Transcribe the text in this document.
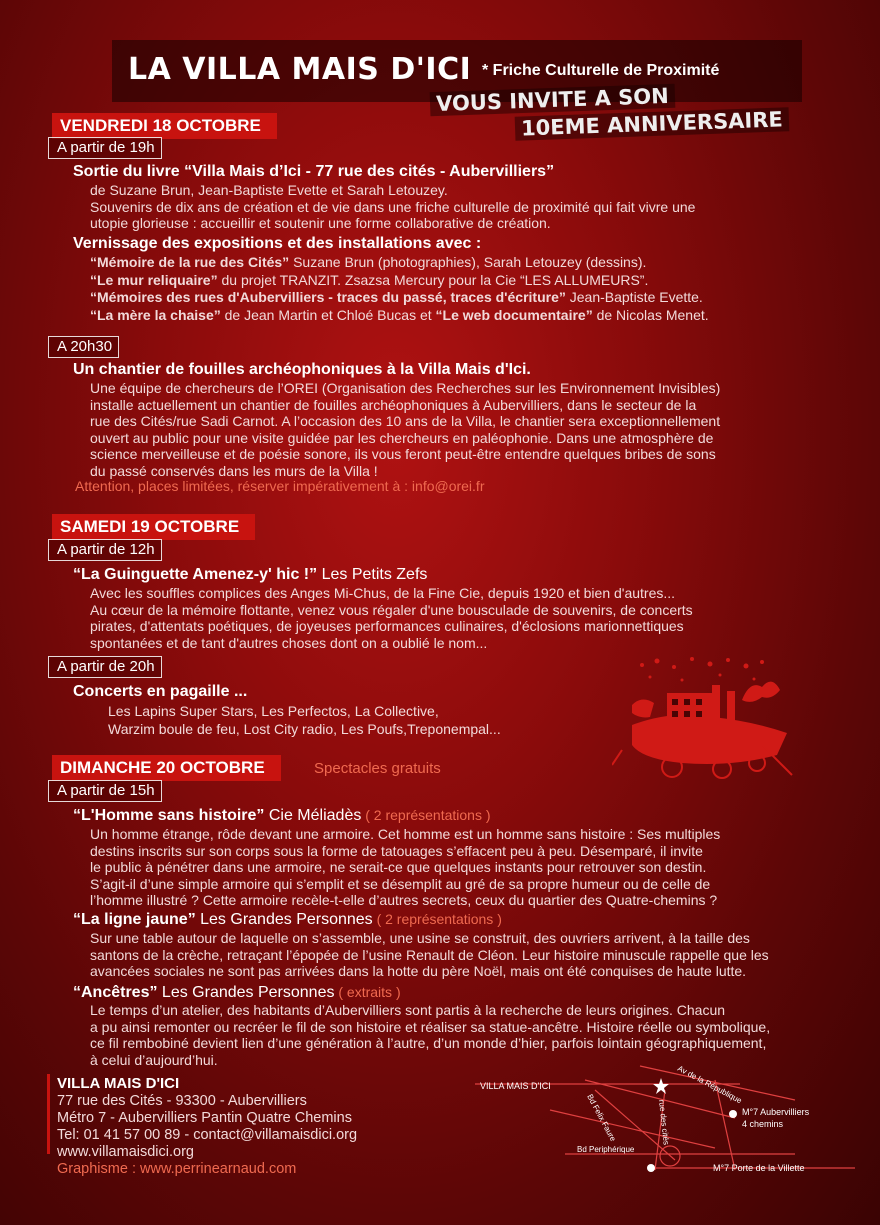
LA VILLA MAIS D'ICI * Friche Culturelle de Proximité
VOUS INVITE A SON
10EME ANNIVERSAIRE
VENDREDI 18 OCTOBRE
A partir de 19h
Sortie du livre “Villa Mais d’Ici - 77 rue des cités - Aubervilliers”
de Suzane Brun, Jean-Baptiste Evette et Sarah Letouzey.
Souvenirs de dix ans de création et de vie dans une friche culturelle de proximité qui fait vivre une
utopie glorieuse : accueillir et soutenir une forme collaborative de création.
Vernissage des expositions et des installations avec :
“Mémoire de la rue des Cités” Suzane Brun (photographies), Sarah Letouzey (dessins).
“Le mur reliquaire” du projet TRANZIT. Zsazsa Mercury pour la Cie “LES ALLUMEURS”.
“Mémoires des rues d'Aubervilliers - traces du passé, traces d'écriture” Jean-Baptiste Evette.
“La mère la chaise” de Jean Martin et Chloé Bucas et “Le web documentaire” de Nicolas Menet.
A 20h30
Un chantier de fouilles archéophoniques à la Villa Mais d'Ici.
Une équipe de chercheurs de l’OREI (Organisation des Recherches sur les Environnement Invisibles)
installe actuellement un chantier de fouilles archéophoniques à Aubervilliers, dans le secteur de la
rue des Cités/rue Sadi Carnot. A l’occasion des 10 ans de la Villa, le chantier sera exceptionnellement
ouvert au public pour une visite guidée par les chercheurs en paléophonie. Dans une atmosphère de
science merveilleuse et de poésie sonore, ils vous feront peut-être entendre quelques bribes de sons
du passé conservés dans les murs de la Villa !
Attention, places limitées, réserver impérativement à : info@orei.fr
SAMEDI 19 OCTOBRE
A partir de 12h
“La Guinguette Amenez-y' hic !” Les Petits Zefs
Avec les souffles complices des Anges Mi-Chus, de la Fine Cie, depuis 1920 et bien d'autres...
Au cœur de la mémoire flottante, venez vous régaler d'une bousculade de souvenirs, de concerts
pirates, d'attentats poétiques, de joyeuses performances culinaires, d'éclosions marionnettiques
spontanées et de tant d'autres choses dont on a oublié le nom...
A partir de 20h
Concerts en pagaille ...
Les Lapins Super Stars, Les Perfectos, La Collective,
Warzim boule de feu, Lost City radio, Les Poufs,Treponempal...
DIMANCHE 20 OCTOBRE	Spectacles gratuits
A partir de 15h
“L'Homme sans histoire” Cie Méliadès ( 2 représentations )
Un homme étrange, rôde devant une armoire. Cet homme est un homme sans histoire : Ses multiples
destins inscrits sur son corps sous la forme de tatouages s’effacent peu à peu. Désemparé, il invite
le public à pénétrer dans une armoire, ne serait-ce que quelques instants pour retrouver son destin.
S’agit-il d’une simple armoire qui s’emplit et se désemplit au gré de sa propre humeur ou de celle de
l’homme illustré ? Cette armoire recèle-t-elle d’autres secrets, ceux du quartier des Quatre-chemins ?
“La ligne jaune” Les Grandes Personnes ( 2 représentations )
Sur une table autour de laquelle on s’assemble, une usine se construit, des ouvriers arrivent, à la taille des
santons de la crèche, retraçant l’épopée de l’usine Renault de Cléon. Leur histoire minuscule rappelle que les
avancées sociales ne sont pas arrivées dans la hotte du père Noël, mais ont été conquises de haute lutte.
“Ancêtres” Les Grandes Personnes ( extraits )
Le temps d’un atelier, des habitants d’Aubervilliers sont partis à la recherche de leurs origines. Chacun
a pu ainsi remonter ou recréer le fil de son histoire et réaliser sa statue-ancêtre. Histoire réelle ou symbolique,
ce fil rembobiné devient lien d’une génération à l’autre, d’un monde d’hier, parfois lointain géographiquement,
à celui d’aujourd’hui.
VILLA MAIS D'ICI
77 rue des Cités - 93300 - Aubervilliers
Métro 7 - Aubervilliers Pantin Quatre Chemins
Tel: 01 41 57 00 89 - contact@villamaisdici.org
www.villamaisdici.org
Graphisme : www.perrinearnaud.com
VILLA MAIS D'ICI	Av de la République
Bd Felix Faure	rue des cités
Bd Periphérique
M°7 Aubervilliers
4 chemins
M°7 Porte de la Villette
